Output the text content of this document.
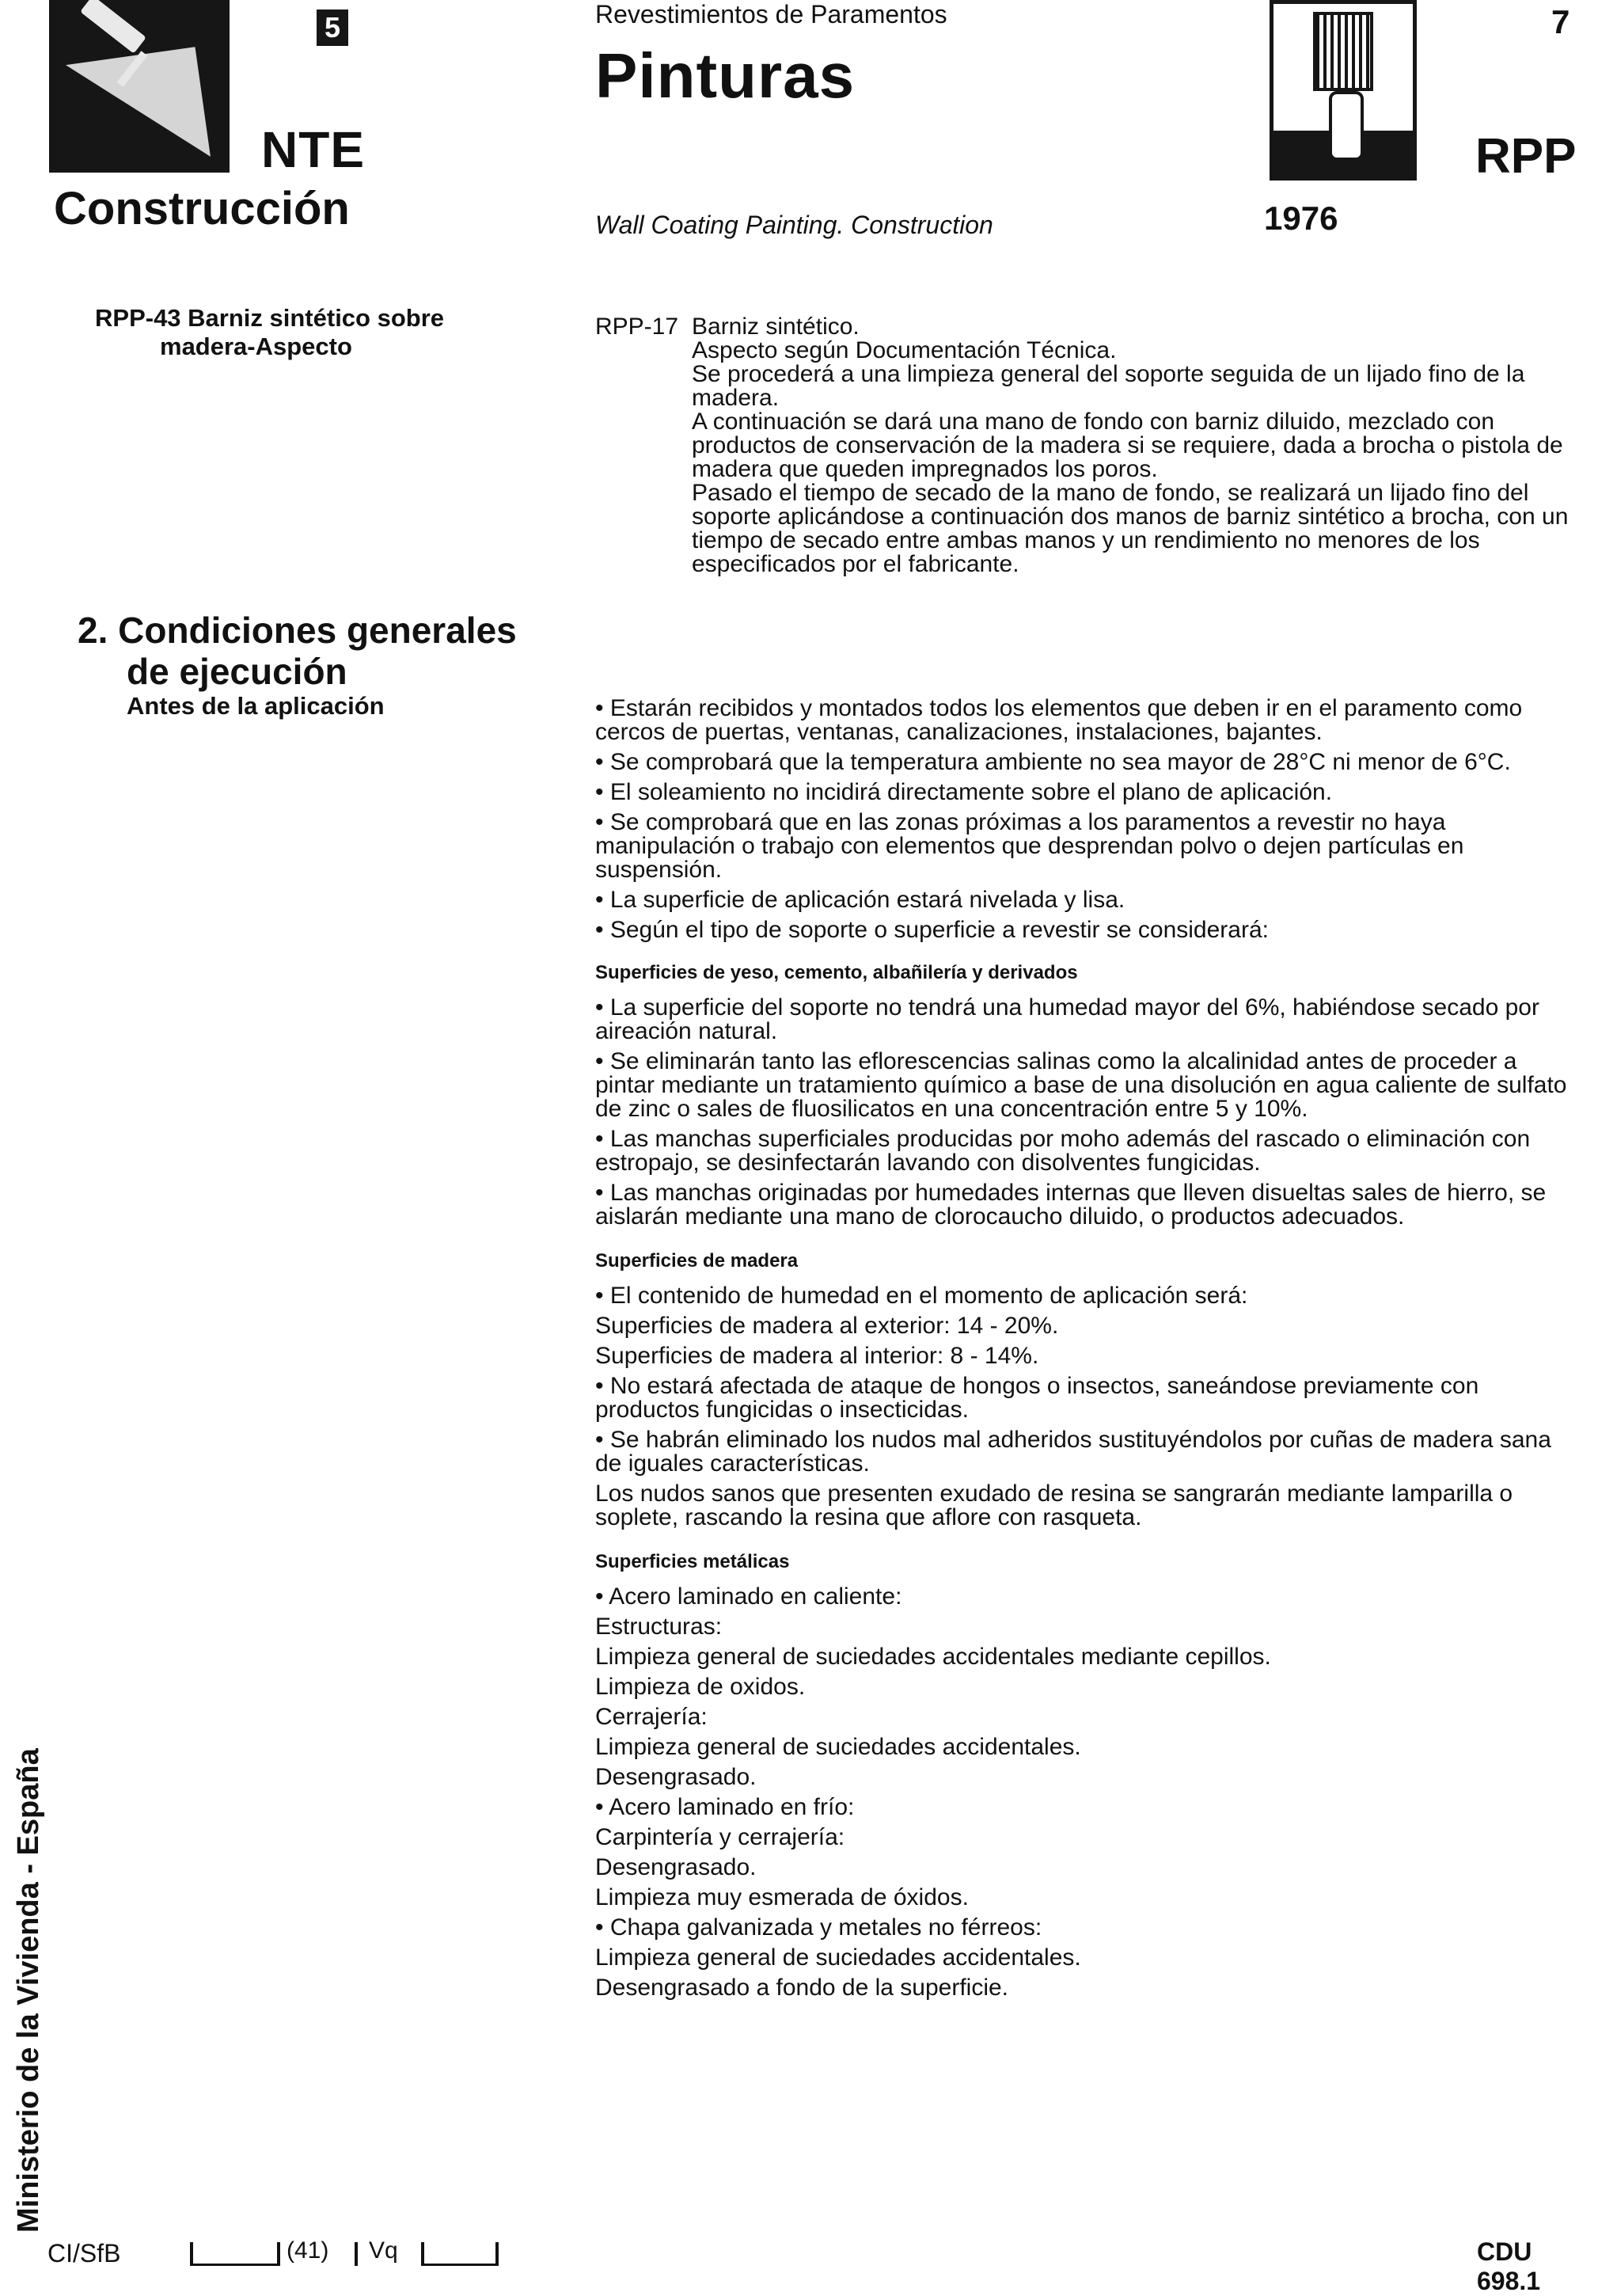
5
NTE
Construcción
Revestimientos de Paramentos
Pinturas
Wall Coating Painting. Construction
7
RPP
1976
RPP-43 Barniz sintético sobre
madera-Aspecto
2. Condiciones generales
de ejecución
Antes de la aplicación
RPP-17 Barniz sintético.

Aspecto según Documentación Técnica.

Se procederá a una limpieza general del soporte seguida de un lijado fino de la madera.

A continuación se dará una mano de fondo con barniz diluido, mezclado con productos de conservación de la madera si se requiere, dada a brocha o pistola de madera que queden impregnados los poros.

Pasado el tiempo de secado de la mano de fondo, se realizará un lijado fino del soporte aplicándose a continuación dos manos de barniz sintético a brocha, con un tiempo de secado entre ambas manos y un rendimiento no menores de los especificados por el fabricante.

• Estarán recibidos y montados todos los elementos que deben ir en el paramento como cercos de puertas, ventanas, canalizaciones, instalaciones, bajantes.

• Se comprobará que la temperatura ambiente no sea mayor de 28°C ni menor de 6°C.

• El soleamiento no incidirá directamente sobre el plano de aplicación.

• Se comprobará que en las zonas próximas a los paramentos a revestir no haya manipulación o trabajo con elementos que desprendan polvo o dejen partículas en suspensión.

• La superficie de aplicación estará nivelada y lisa.

• Según el tipo de soporte o superficie a revestir se considerará:

Superficies de yeso, cemento, albañilería y derivados

• La superficie del soporte no tendrá una humedad mayor del 6%, habiéndose secado por aireación natural.

• Se eliminarán tanto las eflorescencias salinas como la alcalinidad antes de proceder a pintar mediante un tratamiento químico a base de una disolución en agua caliente de sulfato de zinc o sales de fluosilicatos en una concentración entre 5 y 10%.

• Las manchas superficiales producidas por moho además del rascado o eliminación con estropajo, se desinfectarán lavando con disolventes fungicidas.

• Las manchas originadas por humedades internas que lleven disueltas sales de hierro, se aislarán mediante una mano de clorocaucho diluido, o productos adecuados.

Superficies de madera

• El contenido de humedad en el momento de aplicación será:

Superficies de madera al exterior: 14 - 20%.

Superficies de madera al interior: 8 - 14%.

• No estará afectada de ataque de hongos o insectos, saneándose previamente con productos fungicidas o insecticidas.

• Se habrán eliminado los nudos mal adheridos sustituyéndolos por cuñas de madera sana de iguales características.

Los nudos sanos que presenten exudado de resina se sangrarán mediante lamparilla o soplete, rascando la resina que aflore con rasqueta.

Superficies metálicas

• Acero laminado en caliente:

Estructuras:

Limpieza general de suciedades accidentales mediante cepillos.

Limpieza de oxidos.

Cerrajería:

Limpieza general de suciedades accidentales.

Desengrasado.

• Acero laminado en frío:

Carpintería y cerrajería:

Desengrasado.

Limpieza muy esmerada de óxidos.

• Chapa galvanizada y metales no férreos:

Limpieza general de suciedades accidentales.

Desengrasado a fondo de la superficie.

Ministerio de la Vivienda - España
CI/SfB	(41) Vq	CDU 698.1
